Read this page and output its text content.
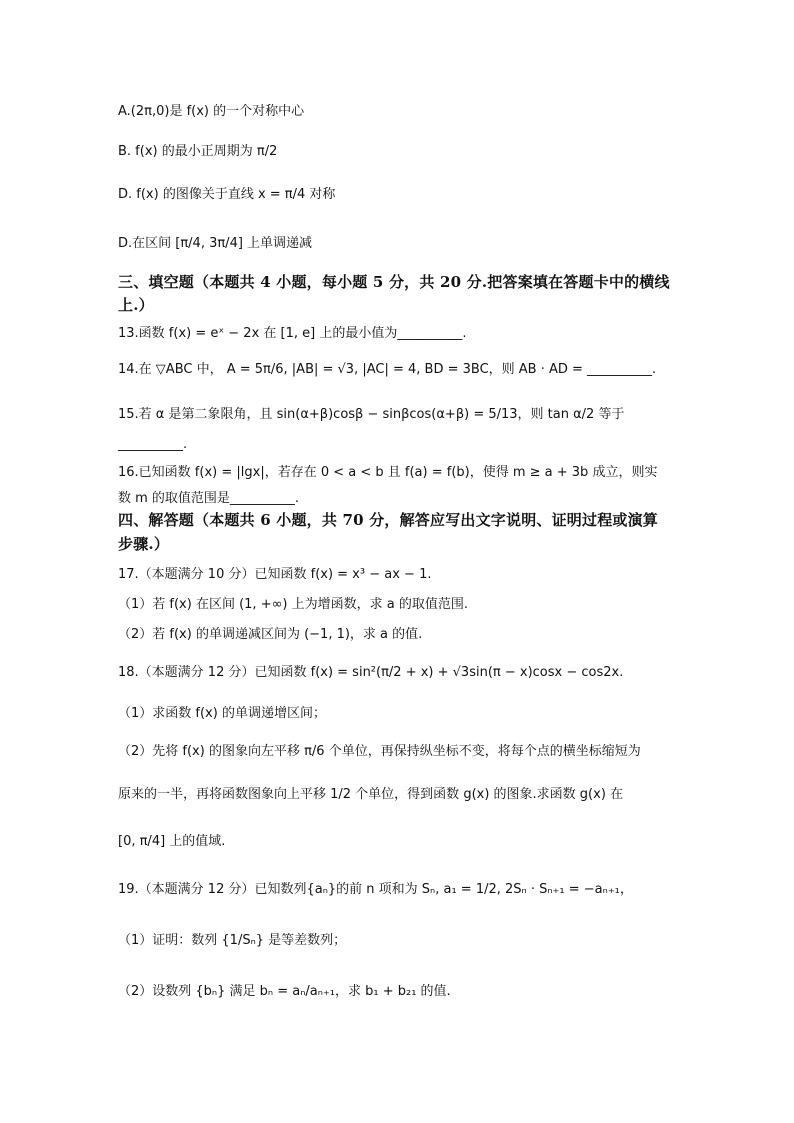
A.(2π,0)是 f(x) 的一个对称中心
B. f(x) 的最小正周期为 π/2
D. f(x) 的图像关于直线 x = π/4 对称
D.在区间 [π/4, 3π/4] 上单调递减
三、填空题（本题共 4 小题，每小题 5 分，共 20 分.把答案填在答题卡中的横线
上.）
13.函数 f(x) = eˣ − 2x 在 [1, e] 上的最小值为__________.
14.在 ▽ABC 中， A = 5π/6, |AB| = √3, |AC| = 4, BD = 3BC，则 AB · AD = __________.
15.若 α 是第二象限角，且 sin(α+β)cosβ − sinβcos(α+β) = 5/13，则 tan α/2 等于
__________.
16.已知函数 f(x) = |lgx|，若存在 0 < a < b 且 f(a) = f(b)，使得 m ≥ a + 3b 成立，则实
数 m 的取值范围是__________.
四、解答题（本题共 6 小题，共 70 分，解答应写出文字说明、证明过程或演算
步骤.）
17.（本题满分 10 分）已知函数 f(x) = x³ − ax − 1.
（1）若 f(x) 在区间 (1, +∞) 上为增函数，求 a 的取值范围.
（2）若 f(x) 的单调递减区间为 (−1, 1)，求 a 的值.
18.（本题满分 12 分）已知函数 f(x) = sin²(π/2 + x) + √3sin(π − x)cosx − cos2x.
（1）求函数 f(x) 的单调递增区间；
（2）先将 f(x) 的图象向左平移 π/6 个单位，再保持纵坐标不变，将每个点的横坐标缩短为
原来的一半，再将函数图象向上平移 1/2 个单位，得到函数 g(x) 的图象.求函数 g(x) 在
[0, π/4] 上的值域.
19.（本题满分 12 分）已知数列{aₙ}的前 n 项和为 Sₙ, a₁ = 1/2, 2Sₙ · Sₙ₊₁ = −aₙ₊₁，
（1）证明：数列 {1/Sₙ} 是等差数列；
（2）设数列 {bₙ} 满足 bₙ = aₙ/aₙ₊₁，求 b₁ + b₂₁ 的值.
